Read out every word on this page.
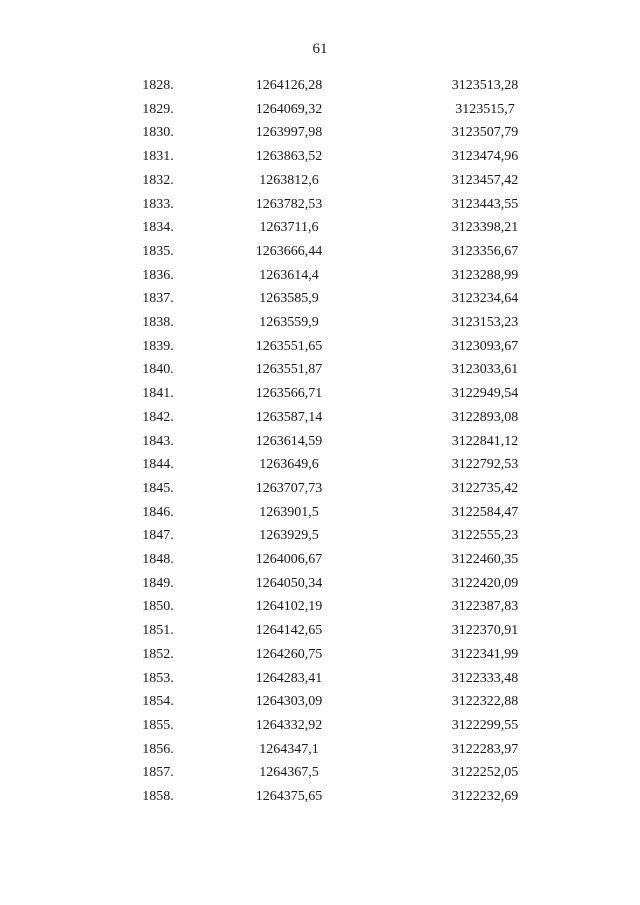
61
	1828.	1264126,28	3123513,28	
	1829.	1264069,32	3123515,7	
	1830.	1263997,98	3123507,79	
	1831.	1263863,52	3123474,96	
	1832.	1263812,6	3123457,42	
	1833.	1263782,53	3123443,55	
	1834.	1263711,6	3123398,21	
	1835.	1263666,44	3123356,67	
	1836.	1263614,4	3123288,99	
	1837.	1263585,9	3123234,64	
	1838.	1263559,9	3123153,23	
	1839.	1263551,65	3123093,67	
	1840.	1263551,87	3123033,61	
	1841.	1263566,71	3122949,54	
	1842.	1263587,14	3122893,08	
	1843.	1263614,59	3122841,12	
	1844.	1263649,6	3122792,53	
	1845.	1263707,73	3122735,42	
	1846.	1263901,5	3122584,47	
	1847.	1263929,5	3122555,23	
	1848.	1264006,67	3122460,35	
	1849.	1264050,34	3122420,09	
	1850.	1264102,19	3122387,83	
	1851.	1264142,65	3122370,91	
	1852.	1264260,75	3122341,99	
	1853.	1264283,41	3122333,48	
	1854.	1264303,09	3122322,88	
	1855.	1264332,92	3122299,55	
	1856.	1264347,1	3122283,97	
	1857.	1264367,5	3122252,05	
	1858.	1264375,65	3122232,69	
